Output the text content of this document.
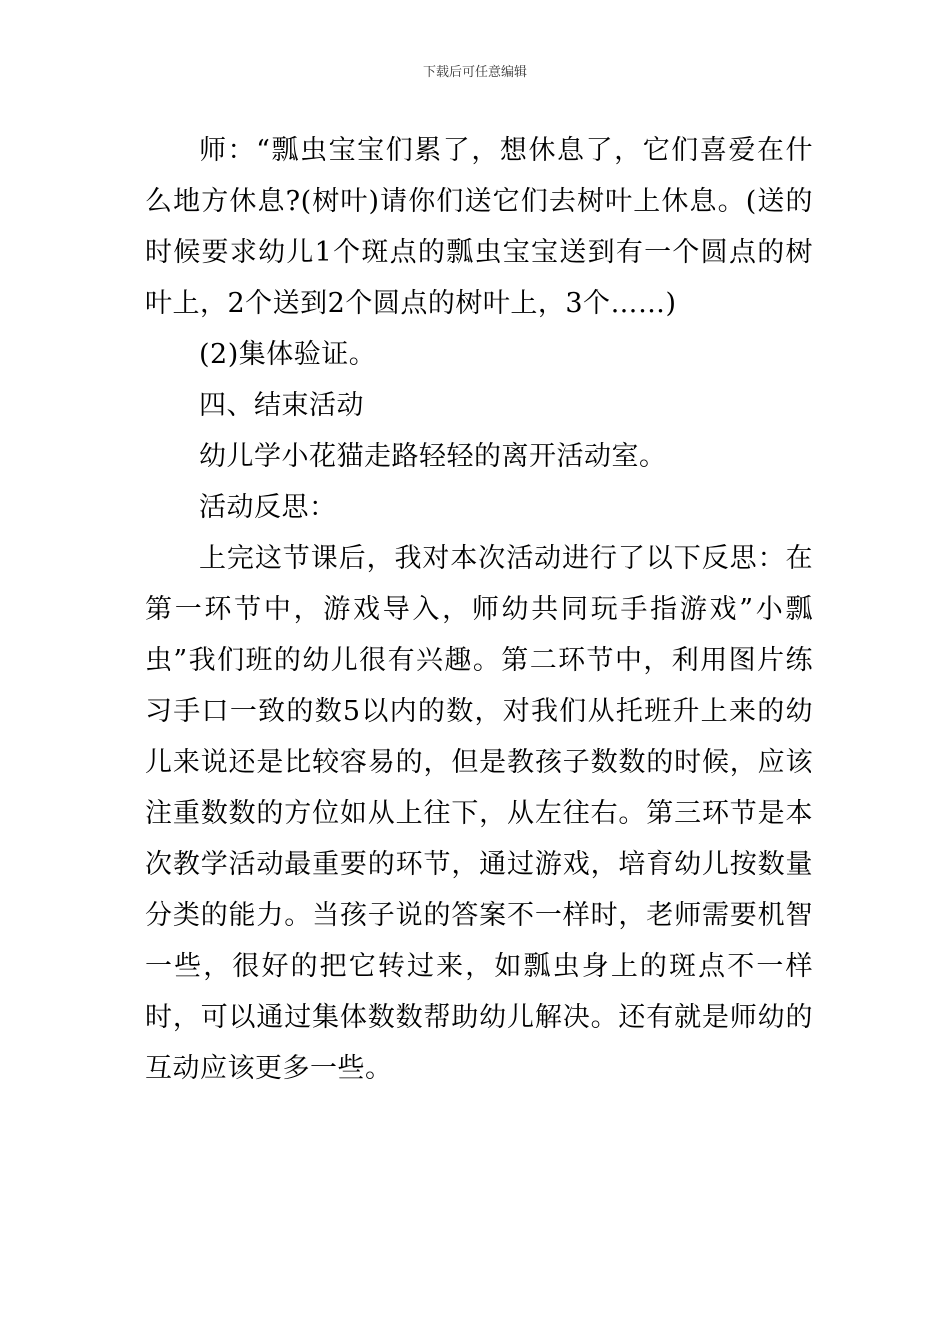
下载后可任意编辑

师：“瓢虫宝宝们累了，想休息了，它们喜爱在什么地方休息?(树叶)请你们送它们去树叶上休息。(送的时候要求幼儿1个斑点的瓢虫宝宝送到有一个圆点的树叶上，2个送到2个圆点的树叶上，3个……)

(2)集体验证。

四、结束活动

幼儿学小花猫走路轻轻的离开活动室。

活动反思：

上完这节课后，我对本次活动进行了以下反思：在第一环节中，游戏导入，师幼共同玩手指游戏”小瓢虫”我们班的幼儿很有兴趣。第二环节中，利用图片练习手口一致的数5以内的数，对我们从托班升上来的幼儿来说还是比较容易的，但是教孩子数数的时候，应该注重数数的方位如从上往下，从左往右。第三环节是本次教学活动最重要的环节，通过游戏，培育幼儿按数量分类的能力。当孩子说的答案不一样时，老师需要机智一些，很好的把它转过来，如瓢虫身上的斑点不一样时，可以通过集体数数帮助幼儿解决。还有就是师幼的互动应该更多一些。
